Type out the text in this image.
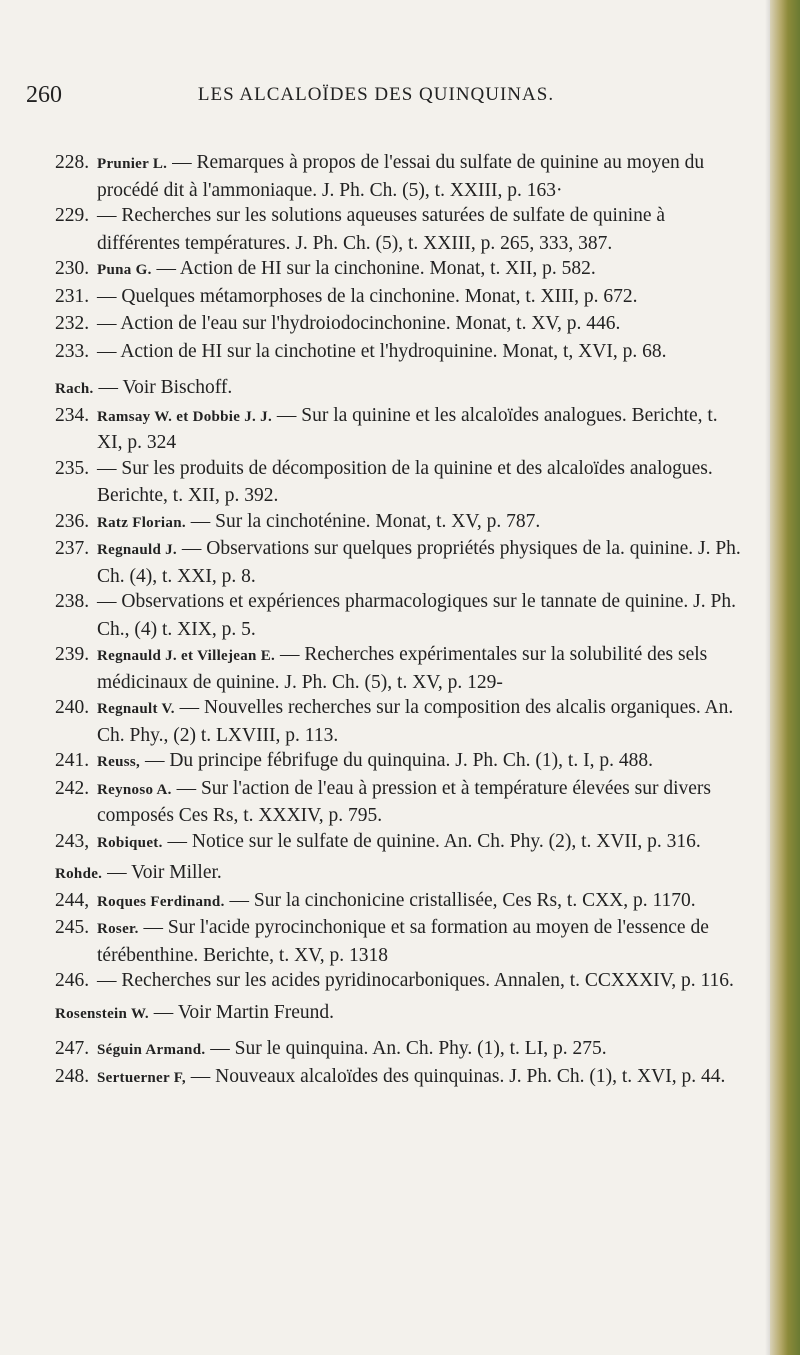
260	LES ALCALOÏDES DES QUINQUINAS.
228. Prunier L. — Remarques à propos de l'essai du sulfate de quinine au moyen du procédé dit à l'ammoniaque. J. Ph. Ch. (5), t. XXIII, p. 163·
229. — Recherches sur les solutions aqueuses saturées de sulfate de quinine à différentes températures. J. Ph. Ch. (5), t. XXIII, p. 265, 333, 387.
230. Puna G. — Action de HI sur la cinchonine. Monat, t. XII, p. 582.
231. — Quelques métamorphoses de la cinchonine. Monat, t. XIII, p. 672.
232. — Action de l'eau sur l'hydroiodocinchonine. Monat, t. XV, p. 446.
233. — Action de HI sur la cinchotine et l'hydroquinine. Monat, t, XVI, p. 68.
Rach. — Voir Bischoff.
234. Ramsay W. et Dobbie J. J. — Sur la quinine et les alcaloïdes analogues. Berichte, t. XI, p. 324
235. — Sur les produits de décomposition de la quinine et des alcaloïdes analogues. Berichte, t. XII, p. 392.
236. Ratz Florian. — Sur la cinchoténine. Monat, t. XV, p. 787.
237. Regnauld J. — Observations sur quelques propriétés physiques de la. quinine. J. Ph. Ch. (4), t. XXI, p. 8.
238. — Observations et expériences pharmacologiques sur le tannate de quinine. J. Ph. Ch., (4) t. XIX, p. 5.
239. Regnauld J. et Villejean E. — Recherches expérimentales sur la solubilité des sels médicinaux de quinine. J. Ph. Ch. (5), t. XV, p. 129-
240. Regnault V. — Nouvelles recherches sur la composition des alcalis organiques. An. Ch. Phy., (2) t. LXVIII, p. 113.
241. Reuss, — Du principe fébrifuge du quinquina. J. Ph. Ch. (1), t. I, p. 488.
242. Reynoso A. — Sur l'action de l'eau à pression et à température élevées sur divers composés Ces Rs, t. XXXIV, p. 795.
243, Robiquet. — Notice sur le sulfate de quinine. An. Ch. Phy. (2), t. XVII, p. 316.
Rohde. — Voir Miller.
244, Roques Ferdinand. — Sur la cinchonicine cristallisée, Ces Rs, t. CXX, p. 1170.
245. Roser. — Sur l'acide pyrocinchonique et sa formation au moyen de l'essence de térébenthine. Berichte, t. XV, p. 1318
246. — Recherches sur les acides pyridinocarboniques. Annalen, t. CCXXXIV, p. 116.
Rosenstein W. — Voir Martin Freund.
247. Séguin Armand. — Sur le quinquina. An. Ch. Phy. (1), t. LI, p. 275.
248. Sertuerner F, — Nouveaux alcaloïdes des quinquinas. J. Ph. Ch. (1), t. XVI, p. 44.
